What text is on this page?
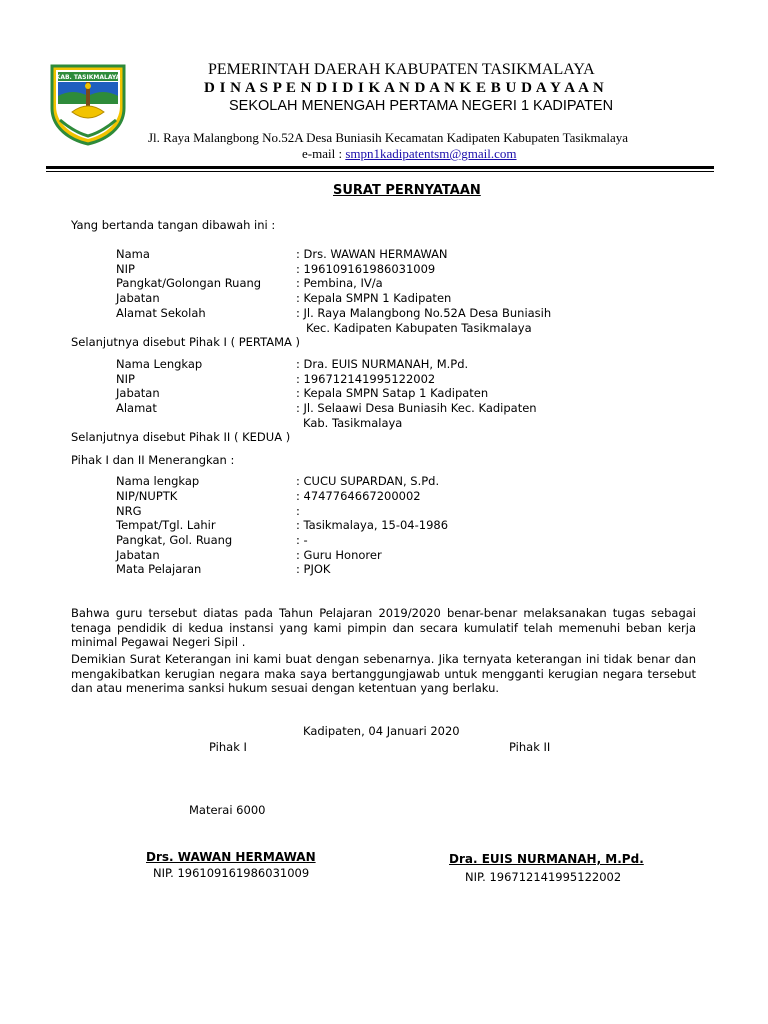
KAB. TASIKMALAYA	PEMERINTAH DAERAH KABUPATEN TASIKMALAYA
D I N A S P E N D I D I K A N D A N K E B U D A Y A A N
SEKOLAH MENENGAH PERTAMA NEGERI 1 KADIPATEN
Jl. Raya Malangbong No.52A Desa Buniasih Kecamatan Kadipaten Kabupaten Tasikmalaya
e-mail : smpn1kadipatentsm@gmail.com
SURAT PERNYATAAN
Yang bertanda tangan dibawah ini :
Nama	: Drs. WAWAN HERMAWAN
NIP	: 196109161986031009
Pangkat/Golongan Ruang	: Pembina, IV/a
Jabatan	: Kepala SMPN 1 Kadipaten
Alamat Sekolah	: Jl. Raya Malangbong No.52A Desa Buniasih
Kec. Kadipaten Kabupaten Tasikmalaya
Selanjutnya disebut Pihak I ( PERTAMA )
Nama Lengkap	: Dra. EUIS NURMANAH, M.Pd.
NIP	: 196712141995122002
Jabatan	: Kepala SMPN Satap 1 Kadipaten
Alamat	: Jl. Selaawi Desa Buniasih Kec. Kadipaten
Kab. Tasikmalaya
Selanjutnya disebut Pihak II ( KEDUA )
Pihak I dan II Menerangkan :
Nama lengkap	: CUCU SUPARDAN, S.Pd.
NIP/NUPTK	: 4747764667200002
NRG	:
Tempat/Tgl. Lahir	: Tasikmalaya, 15-04-1986
Pangkat, Gol. Ruang	: -
Jabatan	: Guru Honorer
Mata Pelajaran	: PJOK
Bahwa guru tersebut diatas pada Tahun Pelajaran 2019/2020 benar-benar melaksanakan tugas sebagai tenaga pendidik di kedua instansi yang kami pimpin dan secara kumulatif telah memenuhi beban kerja minimal Pegawai Negeri Sipil .
Demikian Surat Keterangan ini kami buat dengan sebenarnya. Jika ternyata keterangan ini tidak benar dan mengakibatkan kerugian negara maka saya bertanggungjawab untuk mengganti kerugian negara tersebut dan atau menerima sanksi hukum sesuai dengan ketentuan yang berlaku.
Kadipaten, 04 Januari 2020
Pihak I	Pihak II
Materai 6000
Drs. WAWAN HERMAWAN
NIP. 196109161986031009
Dra. EUIS NURMANAH, M.Pd.
NIP. 196712141995122002
